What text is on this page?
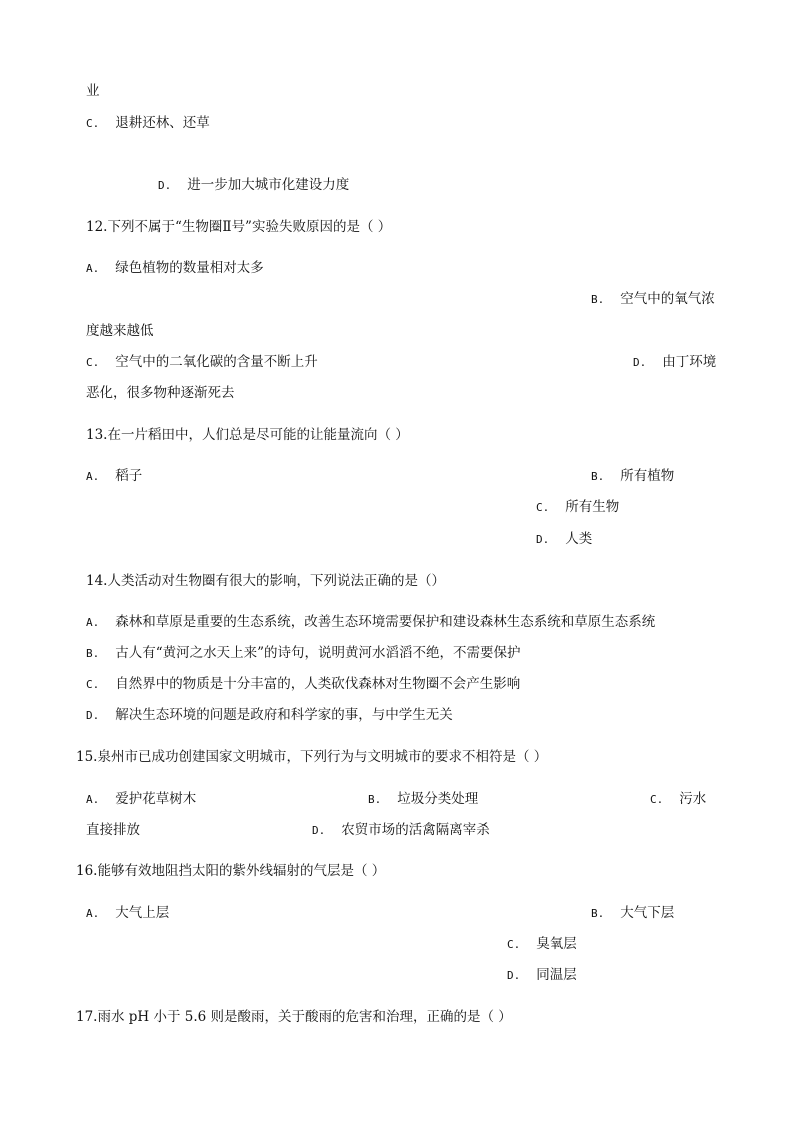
业
C. 退耕还林、还草
D. 进一步加大城市化建设力度
12.下列不属于“生物圈Ⅱ号”实验失败原因的是（ ）
A. 绿色植物的数量相对太多
B. 空气中的氧气浓
度越来越低
C. 空气中的二氧化碳的含量不断上升	D. 由丁环境
恶化，很多物种逐渐死去
13.在一片稻田中，人们总是尽可能的让能量流向（ ）
A. 稻子	B. 所有植物
C. 所有生物
D. 人类
14.人类活动对生物圈有很大的影响，下列说法正确的是（）
A. 森林和草原是重要的生态系统，改善生态环境需要保护和建设森林生态系统和草原生态系统
B. 古人有“黄河之水天上来”的诗句，说明黄河水滔滔不绝，不需要保护
C. 自然界中的物质是十分丰富的，人类砍伐森林对生物圈不会产生影响
D. 解决生态环境的问题是政府和科学家的事，与中学生无关
15.泉州市已成功创建国家文明城市，下列行为与文明城市的要求不相符是（ ）
A. 爱护花草树木	B. 垃圾分类处理	C. 污水
直接排放	D. 农贸市场的活禽隔离宰杀
16.能够有效地阻挡太阳的紫外线辐射的气层是（ ）
A. 大气上层	B. 大气下层
C. 臭氧层
D. 同温层
17.雨水 pH 小于 5.6 则是酸雨，关于酸雨的危害和治理，正确的是（ ）
